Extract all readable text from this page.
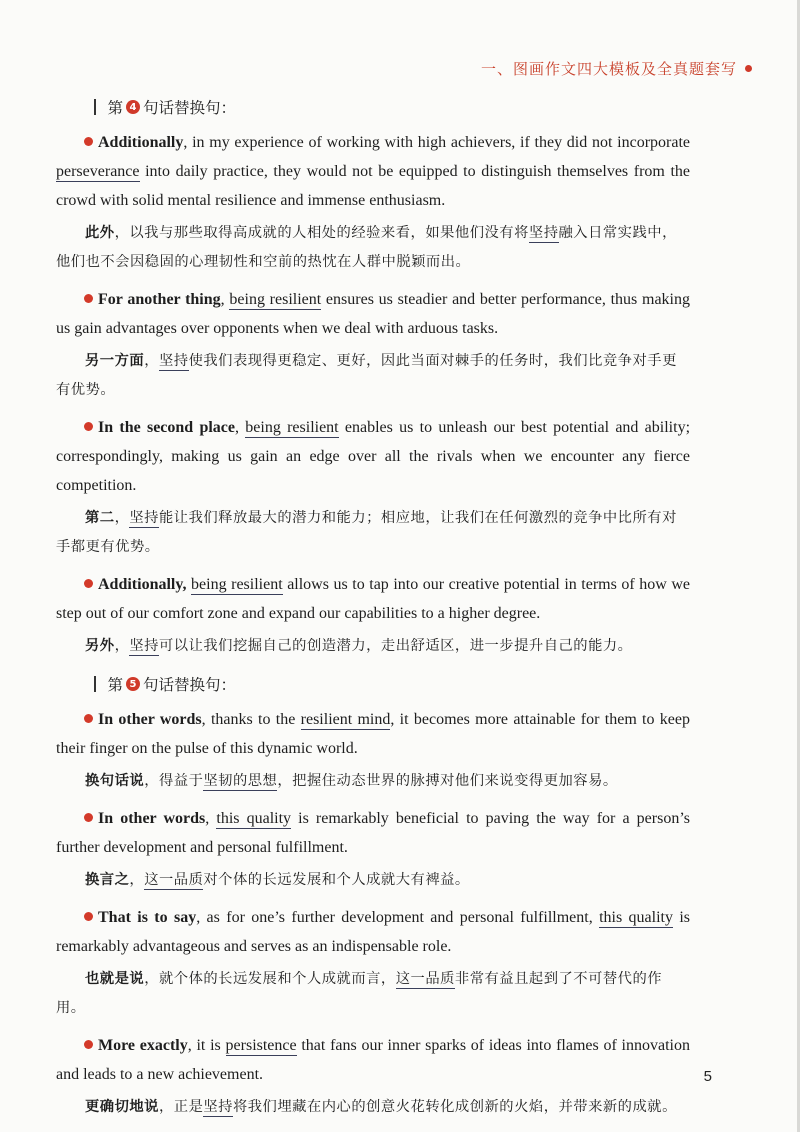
一、图画作文四大模板及全真题套写
第 4 句话替换句：

Additionally, in my experience of working with high achievers, if they did not incorporate perseverance into daily practice, they would not be equipped to distinguish themselves from the crowd with solid mental resilience and immense enthusiasm.

此外，以我与那些取得高成就的人相处的经验来看，如果他们没有将坚持融入日常实践中，他们也不会因稳固的心理韧性和空前的热忱在人群中脱颖而出。

For another thing, being resilient ensures us steadier and better performance, thus making us gain advantages over opponents when we deal with arduous tasks.

另一方面，坚持使我们表现得更稳定、更好，因此当面对棘手的任务时，我们比竞争对手更有优势。

In the second place, being resilient enables us to unleash our best potential and ability; correspondingly, making us gain an edge over all the rivals when we encounter any fierce competition.

第二，坚持能让我们释放最大的潜力和能力；相应地，让我们在任何激烈的竞争中比所有对手都更有优势。

Additionally, being resilient allows us to tap into our creative potential in terms of how we step out of our comfort zone and expand our capabilities to a higher degree.

另外，坚持可以让我们挖掘自己的创造潜力，走出舒适区，进一步提升自己的能力。

第 5 句话替换句：

In other words, thanks to the resilient mind, it becomes more attainable for them to keep their finger on the pulse of this dynamic world.

换句话说，得益于坚韧的思想，把握住动态世界的脉搏对他们来说变得更加容易。

In other words, this quality is remarkably beneficial to paving the way for a person’s further development and personal fulfillment.

换言之，这一品质对个体的长远发展和个人成就大有裨益。

That is to say, as for one’s further development and personal fulfillment, this quality is remarkably advantageous and serves as an indispensable role.

也就是说，就个体的长远发展和个人成就而言，这一品质非常有益且起到了不可替代的作用。

More exactly, it is persistence that fans our inner sparks of ideas into flames of innovation and leads to a new achievement.

更确切地说，正是坚持将我们埋藏在内心的创意火花转化成创新的火焰，并带来新的成就。

5
